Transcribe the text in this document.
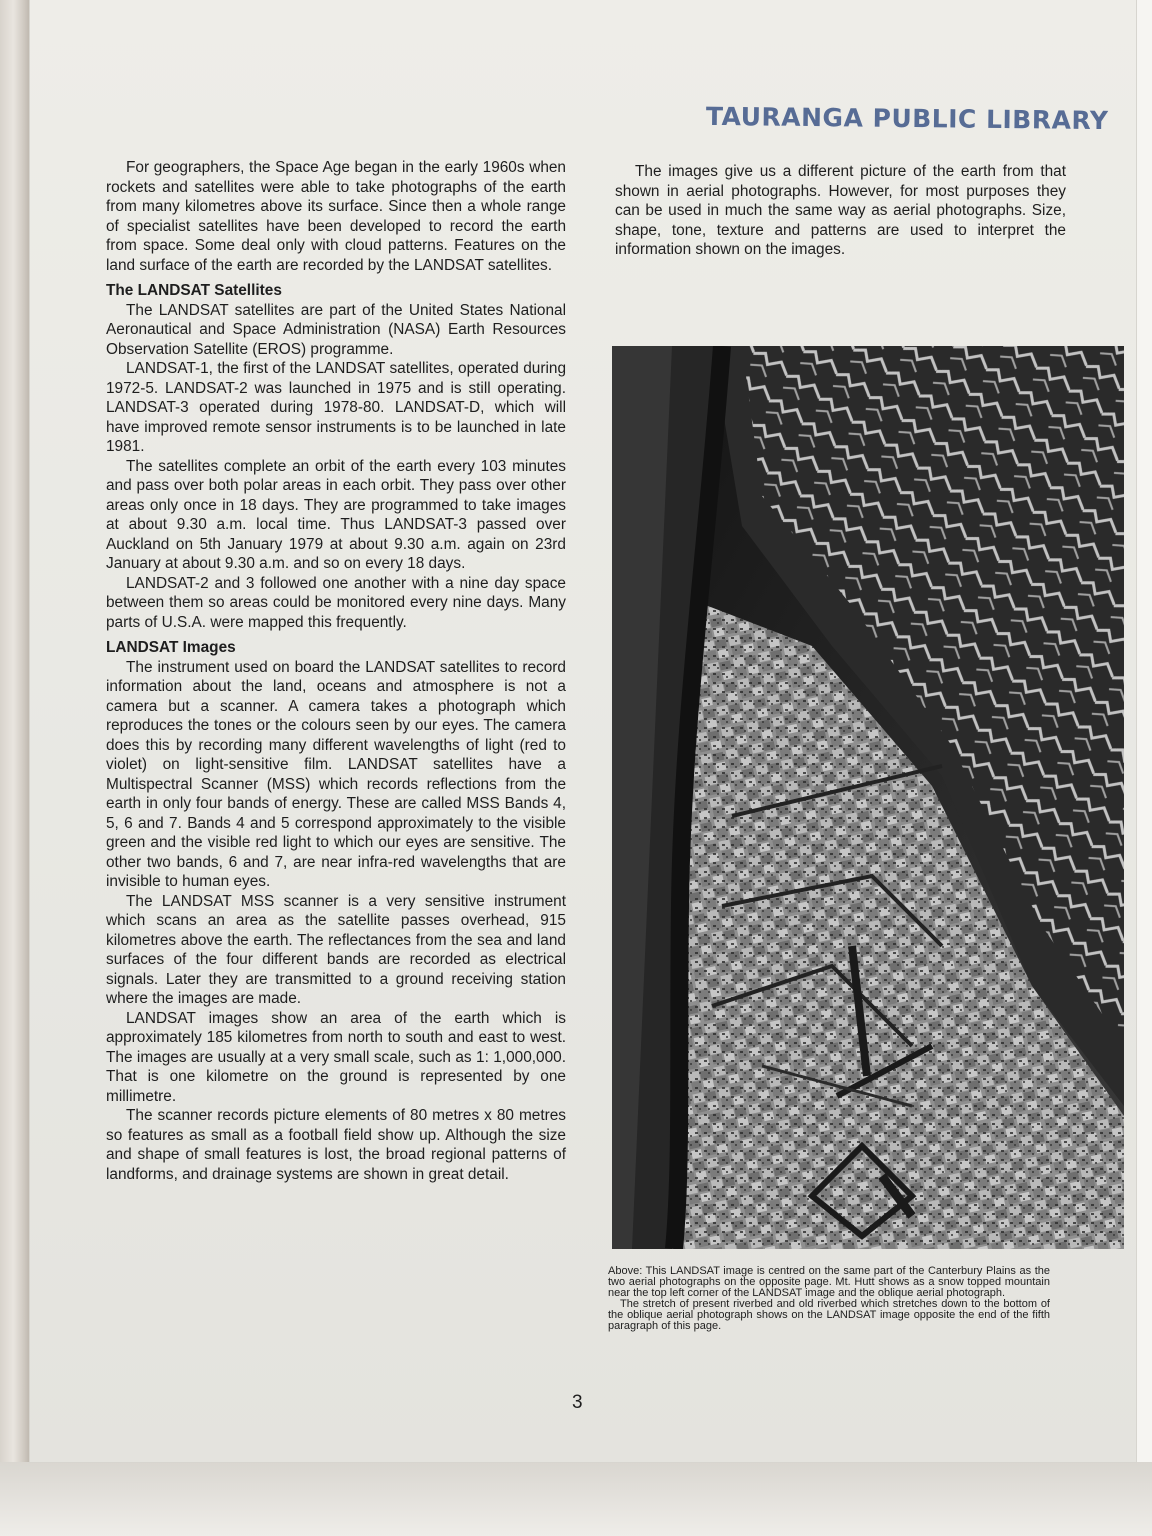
TAURANGA PUBLIC LIBRARY

For geographers, the Space Age began in the early 1960s when rockets and satellites were able to take photographs of the earth from many kilometres above its surface. Since then a whole range of specialist satellites have been developed to record the earth from space. Some deal only with cloud patterns. Features on the land surface of the earth are recorded by the LANDSAT satellites.

The LANDSAT Satellites

The LANDSAT satellites are part of the United States National Aeronautical and Space Administration (NASA) Earth Resources Observation Satellite (EROS) programme.

LANDSAT-1, the first of the LANDSAT satellites, operated during 1972-5. LANDSAT-2 was launched in 1975 and is still operating. LANDSAT-3 operated during 1978-80. LANDSAT-D, which will have improved remote sensor instruments is to be launched in late 1981.

The satellites complete an orbit of the earth every 103 minutes and pass over both polar areas in each orbit. They pass over other areas only once in 18 days. They are programmed to take images at about 9.30 a.m. local time. Thus LANDSAT-3 passed over Auckland on 5th January 1979 at about 9.30 a.m. again on 23rd January at about 9.30 a.m. and so on every 18 days.

LANDSAT-2 and 3 followed one another with a nine day space between them so areas could be monitored every nine days. Many parts of U.S.A. were mapped this frequently.

LANDSAT Images

The instrument used on board the LANDSAT satellites to record information about the land, oceans and atmosphere is not a camera but a scanner. A camera takes a photograph which reproduces the tones or the colours seen by our eyes. The camera does this by recording many different wavelengths of light (red to violet) on light-sensitive film. LANDSAT satellites have a Multispectral Scanner (MSS) which records reflections from the earth in only four bands of energy. These are called MSS Bands 4, 5, 6 and 7. Bands 4 and 5 correspond approximately to the visible green and the visible red light to which our eyes are sensitive. The other two bands, 6 and 7, are near infra-red wavelengths that are invisible to human eyes.

The LANDSAT MSS scanner is a very sensitive instrument which scans an area as the satellite passes overhead, 915 kilometres above the earth. The reflectances from the sea and land surfaces of the four different bands are recorded as electrical signals. Later they are transmitted to a ground receiving station where the images are made.

LANDSAT images show an area of the earth which is approximately 185 kilometres from north to south and east to west. The images are usually at a very small scale, such as 1: 1,000,000. That is one kilometre on the ground is represented by one millimetre.

The scanner records picture elements of 80 metres x 80 metres so features as small as a football field show up. Although the size and shape of small features is lost, the broad regional patterns of landforms, and drainage systems are shown in great detail.

The images give us a different picture of the earth from that shown in aerial photographs. However, for most purposes they can be used in much the same way as aerial photographs. Size, shape, tone, texture and patterns are used to interpret the information shown on the images.

Above: This LANDSAT image is centred on the same part of the Canterbury Plains as the two aerial photographs on the opposite page. Mt. Hutt shows as a snow topped mountain near the top left corner of the LANDSAT image and the oblique aerial photograph.

The stretch of present riverbed and old riverbed which stretches down to the bottom of the oblique aerial photograph shows on the LANDSAT image opposite the end of the fifth paragraph of this page.

3
